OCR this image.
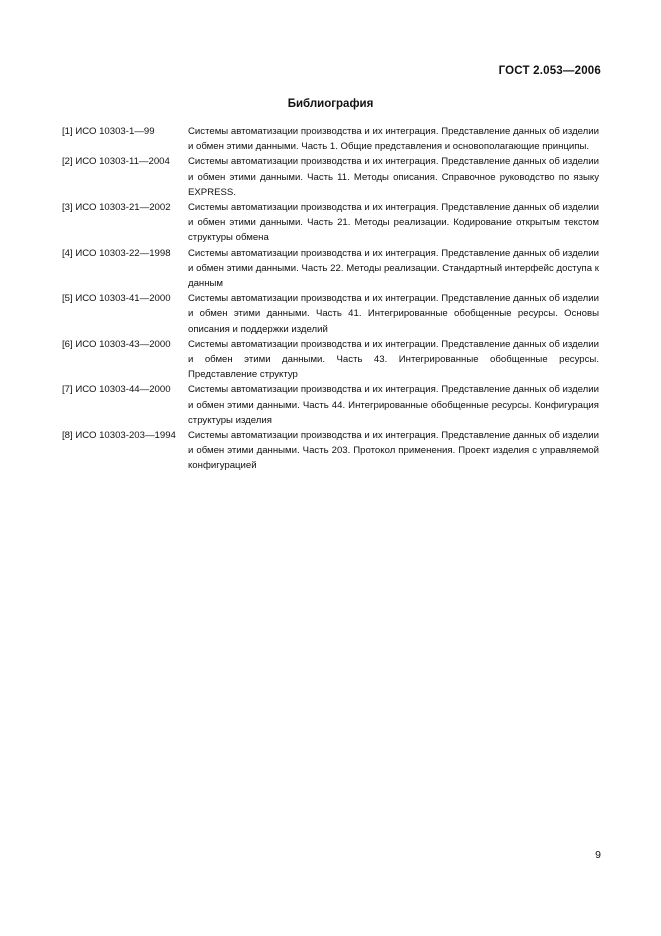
ГОСТ 2.053—2006
Библиография
[1] ИСО 10303-1—99	Системы автоматизации производства и их интеграция. Представление данных об изделии и обмен этими данными. Часть 1. Общие представления и основополагающие принципы.
[2] ИСО 10303-11—2004	Системы автоматизации производства и их интеграция. Представление данных об изделии и обмен этими данными. Часть 11. Методы описания. Справочное руководство по языку EXPRESS.
[3] ИСО 10303-21—2002	Системы автоматизации производства и их интеграция. Представление данных об изделии и обмен этими данными. Часть 21. Методы реализации. Кодирование открытым текстом структуры обмена
[4] ИСО 10303-22—1998	Системы автоматизации производства и их интеграция. Представление данных об изделии и обмен этими данными. Часть 22. Методы реализации. Стандартный интерфейс доступа к данным
[5] ИСО 10303-41—2000	Системы автоматизации производства и их интеграции. Представление данных об изделии и обмен этими данными. Часть 41. Интегрированные обобщенные ресурсы. Основы описания и поддержки изделий
[6] ИСО 10303-43—2000	Системы автоматизации производства и их интеграции. Представление данных об изделии и обмен этими данными. Часть 43. Интегрированные обобщенные ресурсы. Представление структур
[7] ИСО 10303-44—2000	Системы автоматизации производства и их интеграция. Представление данных об изделии и обмен этими данными. Часть 44. Интегрированные обобщенные ресурсы. Конфигурация структуры изделия
[8] ИСО 10303-203—1994	Системы автоматизации производства и их интеграция. Представление данных об изделии и обмен этими данными. Часть 203. Протокол применения. Проект изделия с управляемой конфигурацией
9
